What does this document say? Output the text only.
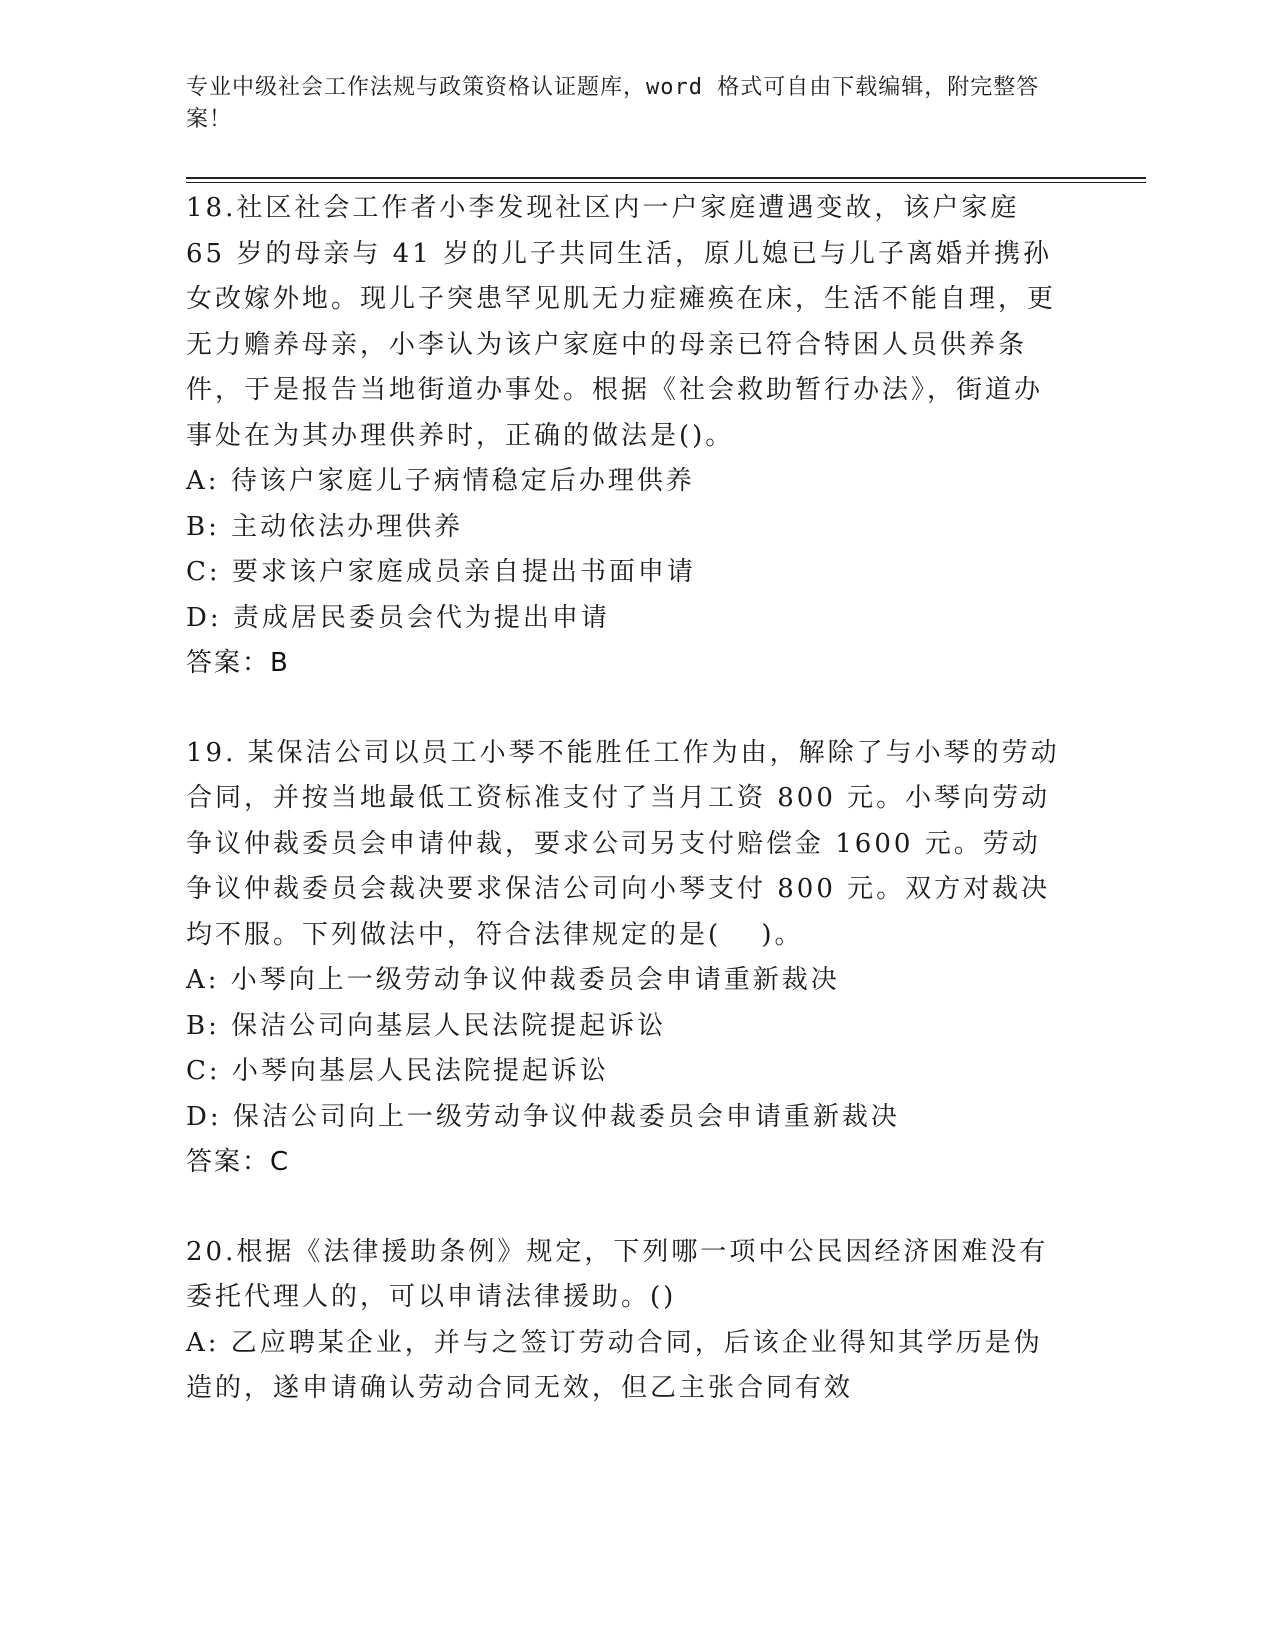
专业中级社会工作法规与政策资格认证题库，word 格式可自由下载编辑，附完整答案！
18.社区社会工作者小李发现社区内一户家庭遭遇变故，该户家庭 65 岁的母亲与 41 岁的儿子共同生活，原儿媳已与儿子离婚并携孙女改嫁外地。现儿子突患罕见肌无力症瘫痪在床，生活不能自理，更无力赡养母亲，小李认为该户家庭中的母亲已符合特困人员供养条件，于是报告当地街道办事处。根据《社会救助暂行办法》，街道办事处在为其办理供养时，正确的做法是()。
A: 待该户家庭儿子病情稳定后办理供养
B: 主动依法办理供养
C: 要求该户家庭成员亲自提出书面申请
D: 责成居民委员会代为提出申请
答案：B
19. 某保洁公司以员工小琴不能胜任工作为由，解除了与小琴的劳动合同，并按当地最低工资标准支付了当月工资 800 元。小琴向劳动争议仲裁委员会申请仲裁，要求公司另支付赔偿金 1600 元。劳动争议仲裁委员会裁决要求保洁公司向小琴支付 800 元。双方对裁决均不服。下列做法中，符合法律规定的是(　 )。
A: 小琴向上一级劳动争议仲裁委员会申请重新裁决
B: 保洁公司向基层人民法院提起诉讼
C: 小琴向基层人民法院提起诉讼
D: 保洁公司向上一级劳动争议仲裁委员会申请重新裁决
答案：C
20.根据《法律援助条例》规定，下列哪一项中公民因经济困难没有委托代理人的，可以申请法律援助。()
A: 乙应聘某企业，并与之签订劳动合同，后该企业得知其学历是伪造的，遂申请确认劳动合同无效，但乙主张合同有效
